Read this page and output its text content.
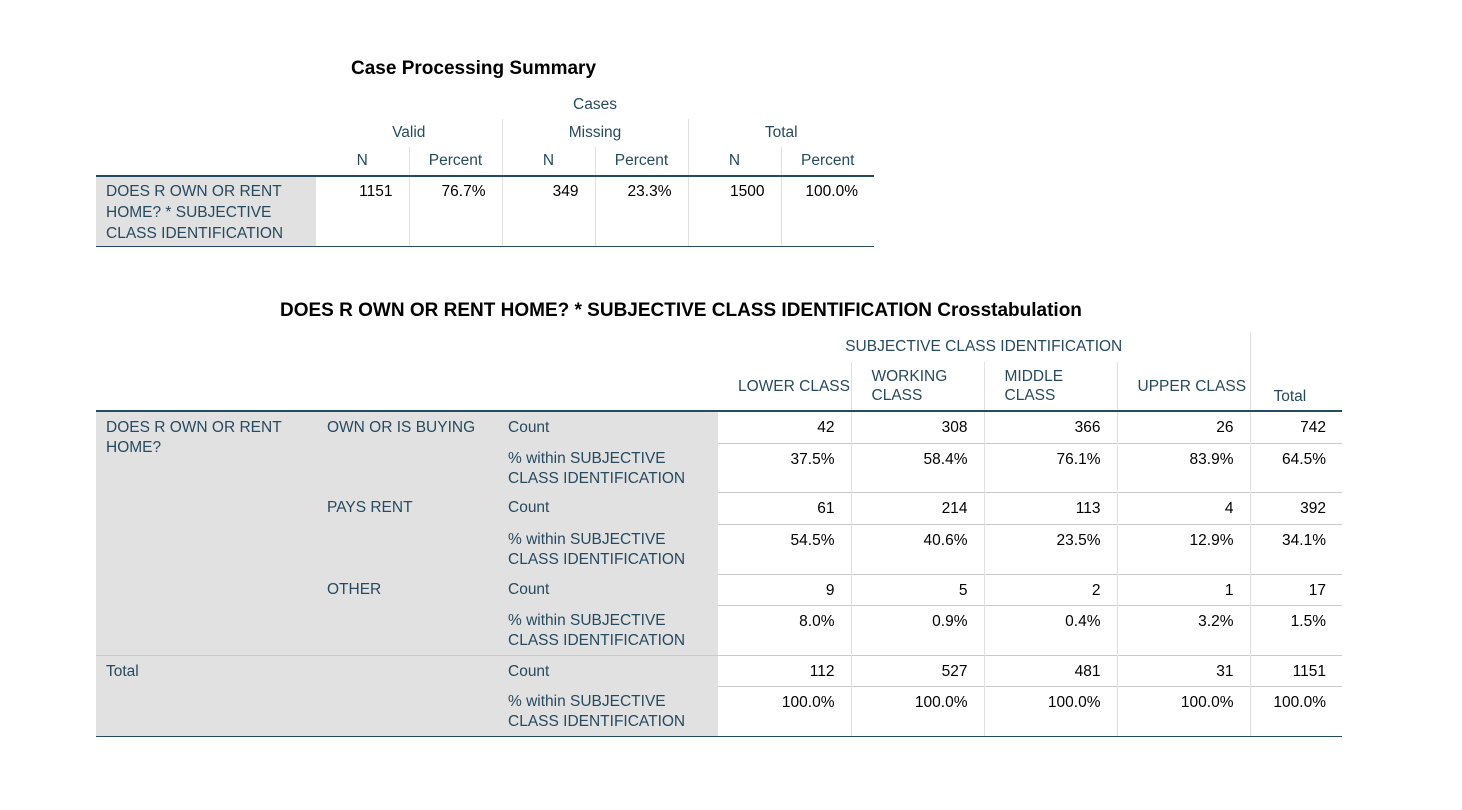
Case Processing Summary
	Cases					
	Valid		Missing		Total	
	N	Percent	N	Percent	N	Percent
DOES R OWN OR RENT HOME? * SUBJECTIVE CLASS IDENTIFICATION	1151	76.7%	349	23.3%	1500	100.0%
DOES R OWN OR RENT HOME? * SUBJECTIVE CLASS IDENTIFICATION Crosstabulation
			SUBJECTIVE CLASS IDENTIFICATION				
			LOWER CLASS	WORKING CLASS	MIDDLE CLASS	UPPER CLASS	Total
DOES R OWN OR RENT HOME?	OWN OR IS BUYING	Count	42	308	366	26	742
		% within SUBJECTIVE CLASS IDENTIFICATION	37.5%	58.4%	76.1%	83.9%	64.5%
	PAYS RENT	Count	61	214	113	4	392
		% within SUBJECTIVE CLASS IDENTIFICATION	54.5%	40.6%	23.5%	12.9%	34.1%
	OTHER	Count	9	5	2	1	17
		% within SUBJECTIVE CLASS IDENTIFICATION	8.0%	0.9%	0.4%	3.2%	1.5%
Total		Count	112	527	481	31	1151
		% within SUBJECTIVE CLASS IDENTIFICATION	100.0%	100.0%	100.0%	100.0%	100.0%
